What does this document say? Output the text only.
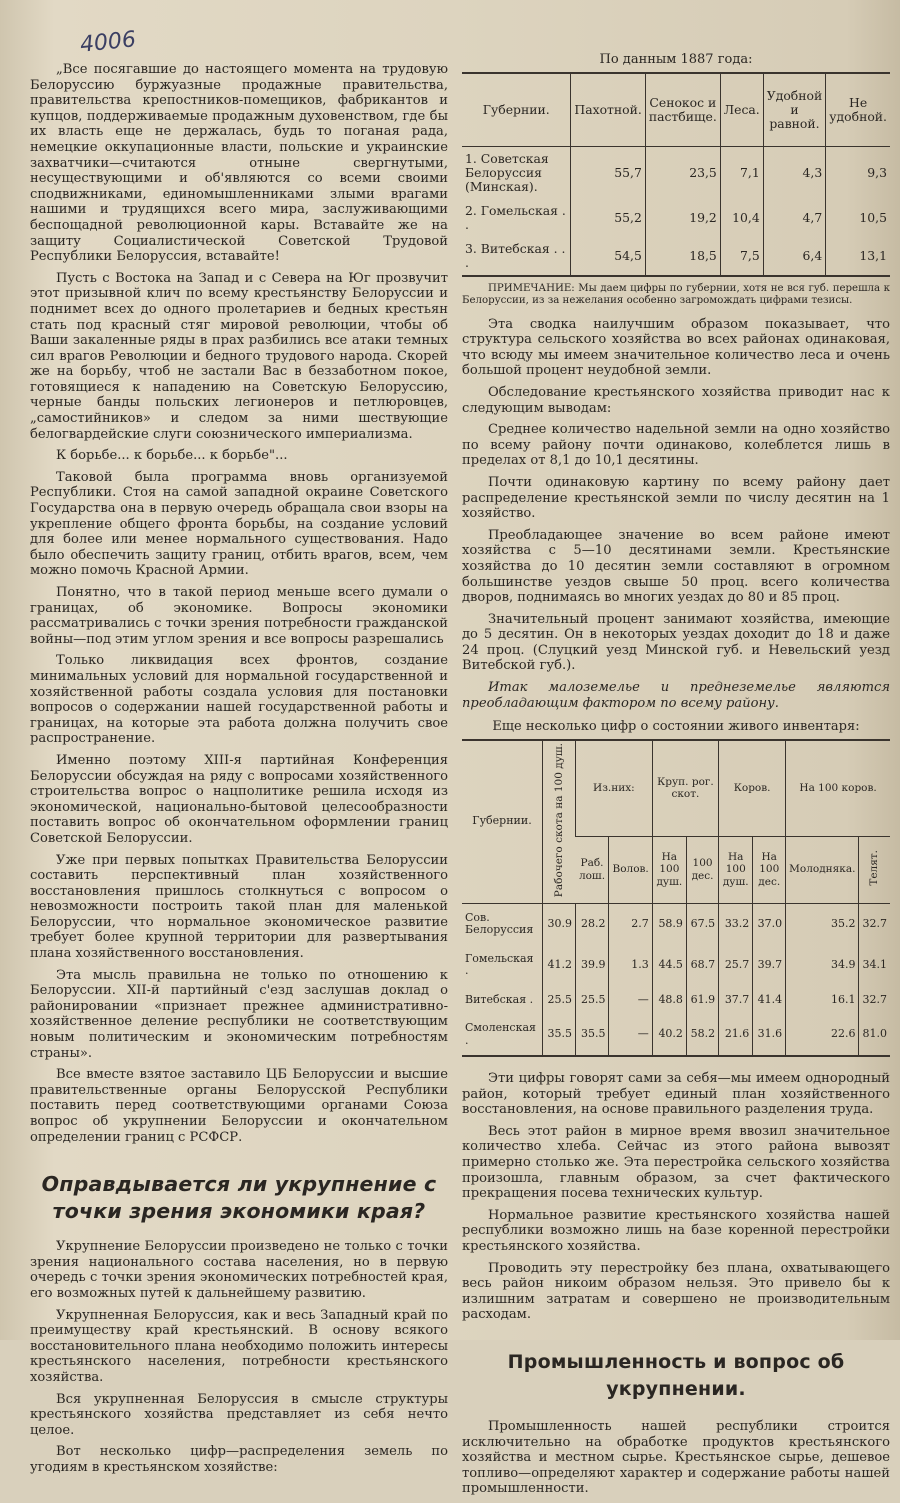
4006

„Все посягавшие до настоящего момента на трудовую Белоруссию буржуазные продажные правительства, правительства крепостников-помещиков, фабрикантов и купцов, поддерживаемые продажным духовенством, где бы их власть еще не держалась, будь то поганая рада, немецкие оккупационные власти, польские и украинские захватчики—считаются отныне свергнутыми, несуществующими и об'являются со всеми своими сподвижниками, единомышленниками злыми врагами нашими и трудящихся всего мира, заслуживающими беспощадной революционной кары. Вставайте же на защиту Социалистической Советской Трудовой Республики Белоруссия, вставайте!

Пусть с Востока на Запад и с Севера на Юг прозвучит этот призывной клич по всему крестьянству Белоруссии и поднимет всех до одного пролетариев и бедных крестьян стать под красный стяг мировой революции, чтобы об Ваши закаленные ряды в прах разбились все атаки темных сил врагов Революции и бедного трудового народа. Скорей же на борьбу, чтоб не застали Вас в беззаботном покое, готовящиеся к нападению на Советскую Белоруссию, черные банды польских легионеров и петлюровцев, „самостийников» и следом за ними шествующие белогвардейские слуги союзнического империализма.

К борьбе... к борьбе... к борьбе"...

Таковой была программа вновь организуемой Республики. Стоя на самой западной окраине Советского Государства она в первую очередь обращала свои взоры на укрепление общего фронта борьбы, на создание условий для более или менее нормального существования. Надо было обеспечить защиту границ, отбить врагов, всем, чем можно помочь Красной Армии.

Понятно, что в такой период меньше всего думали о границах, об экономике. Вопросы экономики рассматривались с точки зрения потребности гражданской войны—под этим углом зрения и все вопросы разрешались

Только ликвидация всех фронтов, создание минимальных условий для нормальной государственной и хозяйственной работы создала условия для постановки вопросов о содержании нашей государственной работы и границах, на которые эта работа должна получить свое распространение.

Именно поэтому XIII-я партийная Конференция Белоруссии обсуждая на ряду с вопросами хозяйственного строительства вопрос о нацполитике решила исходя из экономической, национально-бытовой целесообразности поставить вопрос об окончательном оформлении границ Советской Белоруссии.

Уже при первых попытках Правительства Белоруссии составить перспективный план хозяйственного восстановления пришлось столкнуться с вопросом о невозможности построить такой план для маленькой Белоруссии, что нормальное экономическое развитие требует более крупной территории для развертывания плана хозяйственного восстановления.

Эта мысль правильна не только по отношению к Белоруссии. XII-й партийный с'езд заслушав доклад о районировании «признает прежнее административно-хозяйственное деление республики не соответствующим новым политическим и экономическим потребностям страны».

Все вместе взятое заставило ЦБ Белоруссии и высшие правительственные органы Белорусской Республики поставить перед соответствующими органами Союза вопрос об укрупнении Белоруссии и окончательном определении границ с РСФСР.

Оправдывается ли укрупнение с точки зрения экономики края?

Укрупнение Белоруссии произведено не только с точки зрения национального состава населения, но в первую очередь с точки зрения экономических потребностей края, его возможных путей к дальнейшему развитию.

Укрупненная Белоруссия, как и весь Западный край по преимуществу край крестьянский. В основу всякого восстановительного плана необходимо положить интересы крестьянского населения, потребности крестьянского хозяйства.

Вся укрупненная Белоруссия в смысле структуры крестьянского хозяйства представляет из себя нечто целое.

Вот несколько цифр—распределения земель по угодиям в крестьянском хозяйстве:

По данным 1887 года:
Губернии.	Пахотной.	Сенокос и пастбище.	Леса.	Удобной и равной.	Не удобной.
1. Советская Белоруссия (Минская).	55,7	23,5	7,1	4,3	9,3
2. Гомельская . .	55,2	19,2	10,4	4,7	10,5
3. Витебская . . .	54,5	18,5	7,5	6,4	13,1
ПРИМЕЧАНИЕ: Мы даем цифры по губернии, хотя не вся губ. перешла к Белоруссии, из за нежелания особенно загромождать цифрами тезисы.

Эта сводка наилучшим образом показывает, что структура сельского хозяйства во всех районах одинаковая, что всюду мы имеем значительное количество леса и очень большой процент неудобной земли.

Обследование крестьянского хозяйства приводит нас к следующим выводам:

Среднее количество надельной земли на одно хозяйство по всему району почти одинаково, колеблется лишь в пределах от 8,1 до 10,1 десятины.

Почти одинаковую картину по всему району дает распределение крестьянской земли по числу десятин на 1 хозяйство.

Преобладающее значение во всем районе имеют хозяйства с 5—10 десятинами земли. Крестьянские хозяйства до 10 десятин земли составляют в огромном большинстве уездов свыше 50 проц. всего количества дворов, поднимаясь во многих уездах до 80 и 85 проц.

Значительный процент занимают хозяйства, имеющие до 5 десятин. Он в некоторых уездах доходит до 18 и даже 24 проц. (Слуцкий уезд Минской губ. и Невельский уезд Витебской губ.).

Итак малоземелье и преднеземелье являются преобладающим фактором по всему району.

Еще несколько цифр о состоянии живого инвентаря:
Губернии.	Рабочего скота на 100 душ.	Из.них:		Круп. рог. скот.		Коров.		На 100 коров.	
		Раб. лош.	Волов.	На 100 душ.	100 дес.	На 100 душ.	На 100 дес.	Молодняка.	Телят.
Сов. Белоруссия	30.9	28.2	2.7	58.9	67.5	33.2	37.0	35.2	32.7
Гомельская .	41.2	39.9	1.3	44.5	68.7	25.7	39.7	34.9	34.1
Витебская .	25.5	25.5	—	48.8	61.9	37.7	41.4	16.1	32.7
Смоленская .	35.5	35.5	—	40.2	58.2	21.6	31.6	22.6	81.0

Эти цифры говорят сами за себя—мы имеем однородный район, который требует единый план хозяйственного восстановления, на основе правильного разделения труда.

Весь этот район в мирное время ввозил значительное количество хлеба. Сейчас из этого района вывозят примерно столько же. Эта перестройка сельского хозяйства произошла, главным образом, за счет фактического прекращения посева технических культур.

Нормальное развитие крестьянского хозяйства нашей республики возможно лишь на базе коренной перестройки крестьянского хозяйства.

Проводить эту перестройку без плана, охватывающего весь район никоим образом нельзя. Это привело бы к излишним затратам и совершено не производительным расходам.

Промышленность и вопрос об укрупнении.

Промышленность нашей республики строится исключительно на обработке продуктов крестьянского хозяйства и местном сырье. Крестьянское сырье, дешевое топливо—определяют характер и содержание работы нашей промышленности.
